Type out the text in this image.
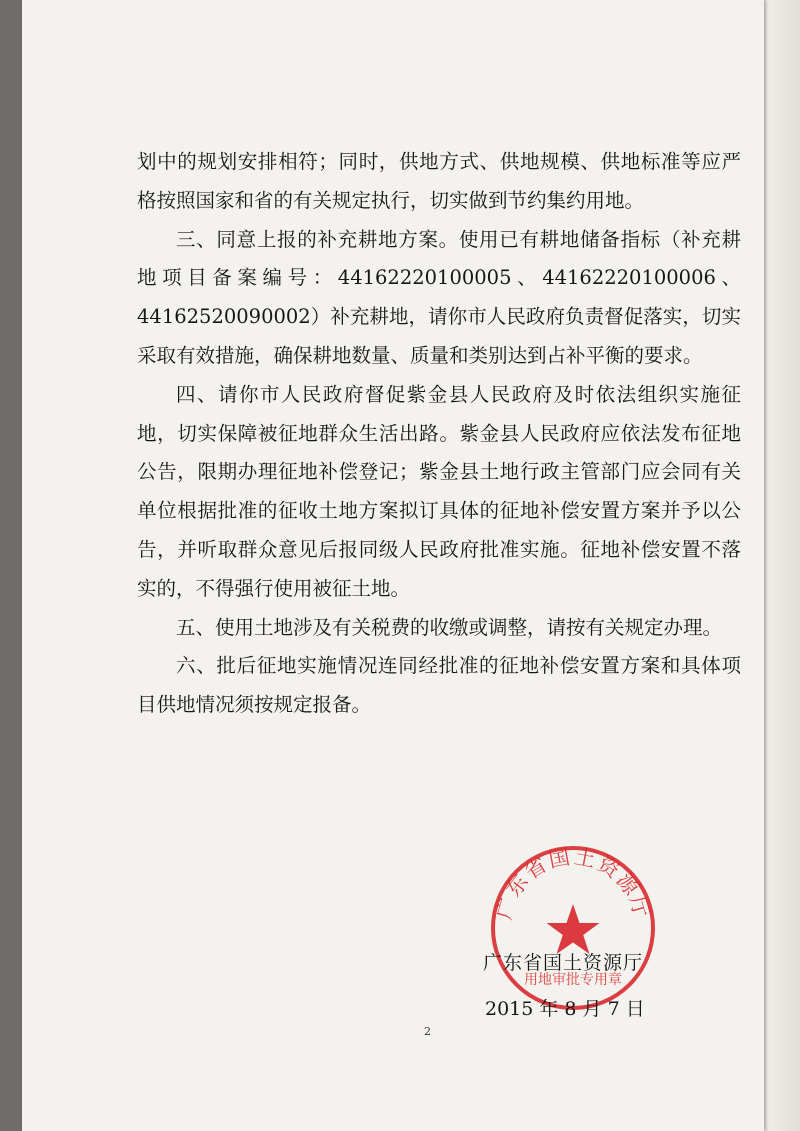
划中的规划安排相符；同时，供地方式、供地规模、供地标准等应严格按照国家和省的有关规定执行，切实做到节约集约用地。

三、同意上报的补充耕地方案。使用已有耕地储备指标（补充耕地项目备案编号：44162220100005、44162220100006、44162520090002）补充耕地，请你市人民政府负责督促落实，切实采取有效措施，确保耕地数量、质量和类别达到占补平衡的要求。

四、请你市人民政府督促紫金县人民政府及时依法组织实施征地，切实保障被征地群众生活出路。紫金县人民政府应依法发布征地公告，限期办理征地补偿登记；紫金县土地行政主管部门应会同有关单位根据批准的征收土地方案拟订具体的征地补偿安置方案并予以公告，并听取群众意见后报同级人民政府批准实施。征地补偿安置不落实的，不得强行使用被征土地。

五、使用土地涉及有关税费的收缴或调整，请按有关规定办理。

六、批后征地实施情况连同经批准的征地补偿安置方案和具体项目供地情况须按规定报备。

广东省国土资源厅
用地审批专用章
广东省国土资源厅
2015 年 8 月 7 日
2
